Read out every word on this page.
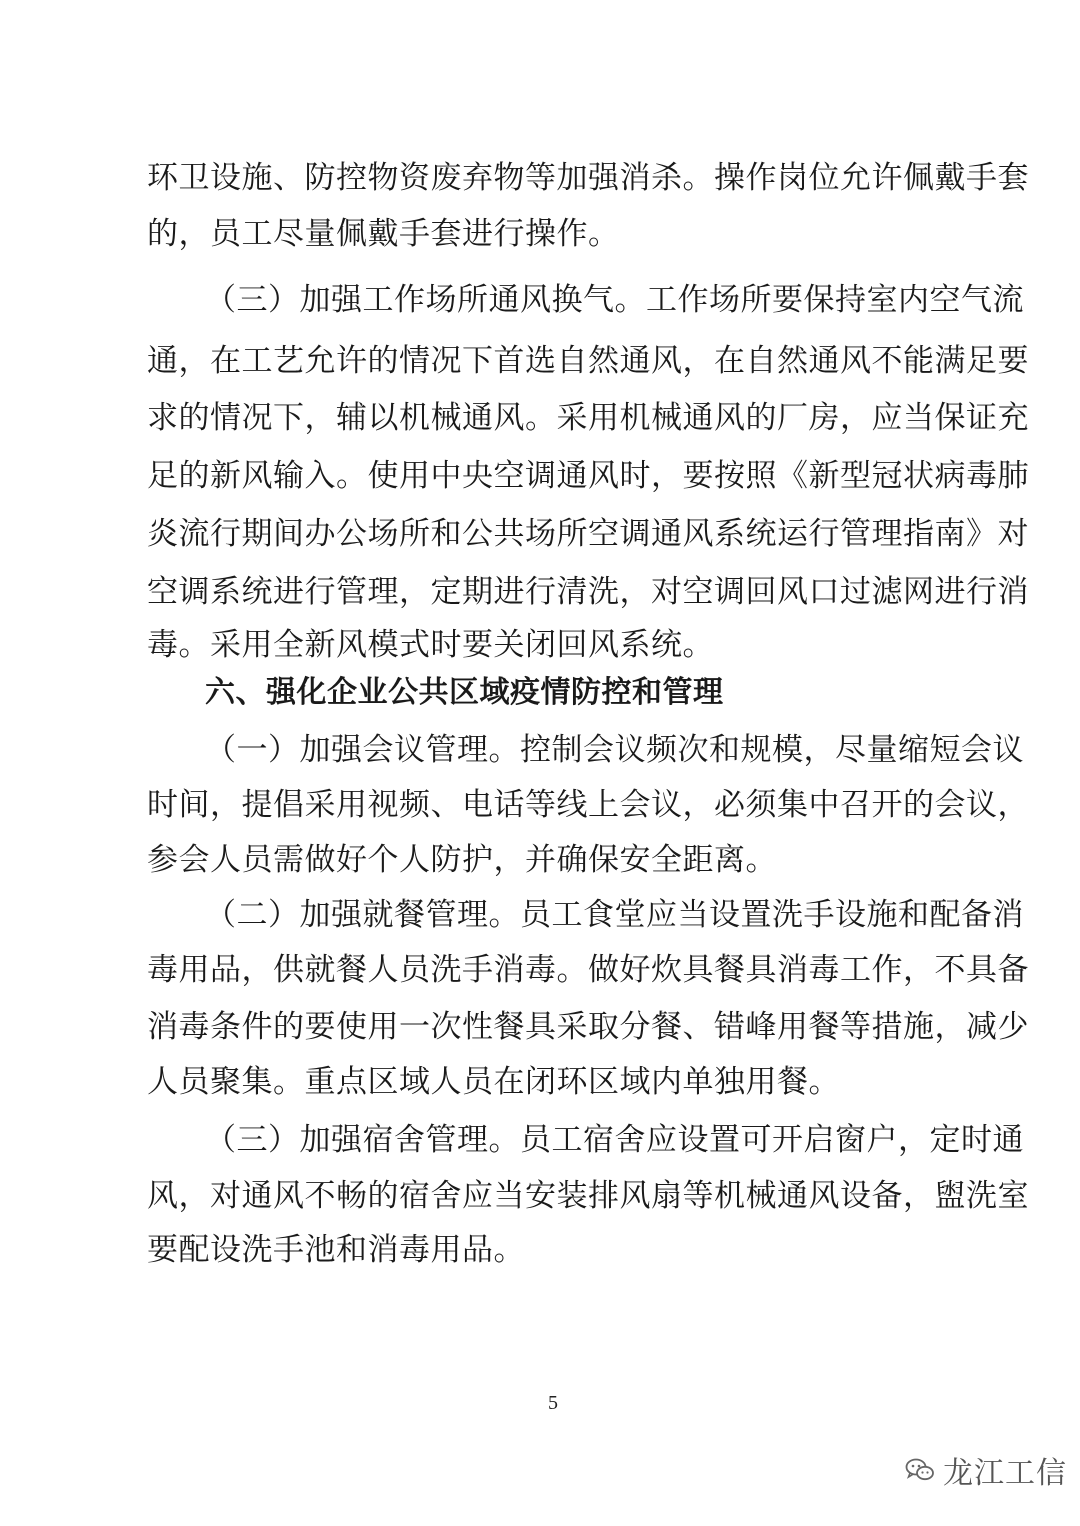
环卫设施、防控物资废弃物等加强消杀。操作岗位允许佩戴手套
的，员工尽量佩戴手套进行操作。
（三）加强工作场所通风换气。工作场所要保持室内空气流
通，在工艺允许的情况下首选自然通风，在自然通风不能满足要
求的情况下，辅以机械通风。采用机械通风的厂房，应当保证充
足的新风输入。使用中央空调通风时，要按照《新型冠状病毒肺
炎流行期间办公场所和公共场所空调通风系统运行管理指南》对
空调系统进行管理，定期进行清洗，对空调回风口过滤网进行消
毒。采用全新风模式时要关闭回风系统。
六、强化企业公共区域疫情防控和管理
（一）加强会议管理。控制会议频次和规模，尽量缩短会议
时间，提倡采用视频、电话等线上会议，必须集中召开的会议，
参会人员需做好个人防护，并确保安全距离。
（二）加强就餐管理。员工食堂应当设置洗手设施和配备消
毒用品，供就餐人员洗手消毒。做好炊具餐具消毒工作，不具备
消毒条件的要使用一次性餐具采取分餐、错峰用餐等措施，减少
人员聚集。重点区域人员在闭环区域内单独用餐。
（三）加强宿舍管理。员工宿舍应设置可开启窗户，定时通
风，对通风不畅的宿舍应当安装排风扇等机械通风设备，盥洗室
要配设洗手池和消毒用品。
5
龙江工信
